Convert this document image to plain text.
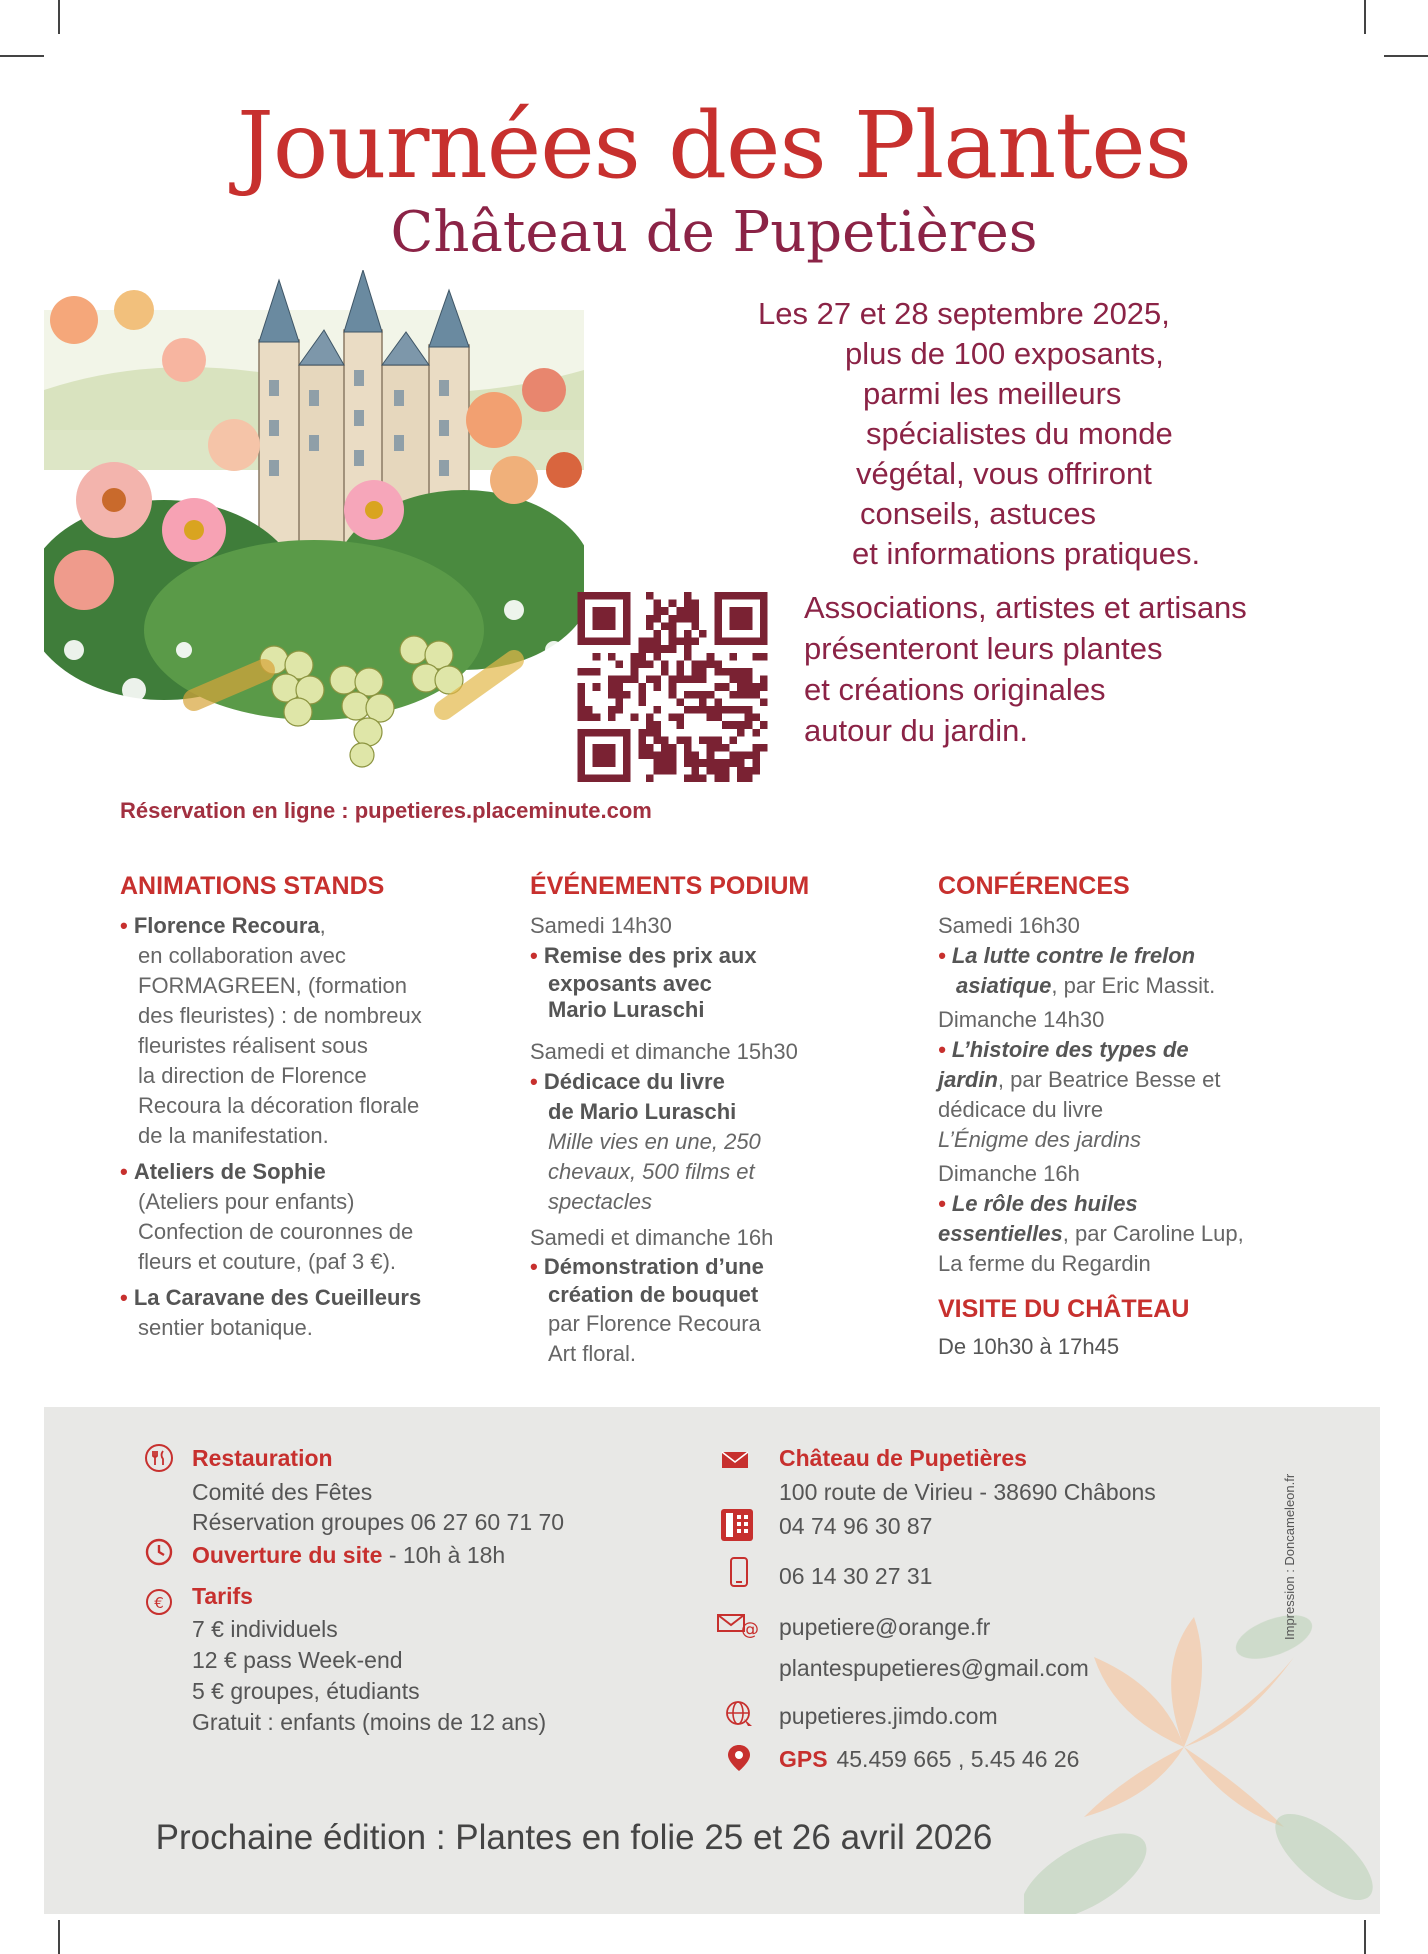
Journées des Plantes
Château de Pupetières
Les 27 et 28 septembre 2025,
plus de 100 exposants,
parmi les meilleurs
spécialistes du monde
végétal, vous offriront
conseils, astuces
et informations pratiques.
Associations, artistes et artisans
présenteront leurs plantes
et créations originales
autour du jardin.
Réservation en ligne : pupetieres.placeminute.com
ANIMATIONS STANDS
• Florence Recoura,
en collaboration avec
FORMAGREEN, (formation
des fleuristes) : de nombreux
fleuristes réalisent sous
la direction de Florence
Recoura la décoration florale
de la manifestation.
• Ateliers de Sophie
(Ateliers pour enfants)
Confection de couronnes de
fleurs et couture, (paf 3 €).
• La Caravane des Cueilleurs
sentier botanique.
ÉVÉNEMENTS PODIUM
Samedi 14h30
• Remise des prix aux
exposants avec
Mario Luraschi
Samedi et dimanche 15h30
• Dédicace du livre
de Mario Luraschi
Mille vies en une, 250
chevaux, 500 films et
spectacles
Samedi et dimanche 16h
• Démonstration d’une
création de bouquet
par Florence Recoura
Art floral.
CONFÉRENCES
Samedi 16h30
• La lutte contre le frelon
asiatique, par Eric Massit.
Dimanche 14h30
• L’histoire des types de
jardin, par Beatrice Besse et
dédicace du livre
L’Énigme des jardins
Dimanche 16h
• Le rôle des huiles
essentielles, par Caroline Lup,
La ferme du Regardin
VISITE DU CHÂTEAU
De 10h30 à 17h45
Restauration
Comité des Fêtes
Réservation groupes 06 27 60 71 70
Ouverture du site - 10h à 18h
€ Tarifs
7 € individuels
12 € pass Week-end
5 € groupes, étudiants
Gratuit : enfants (moins de 12 ans)
Château de Pupetières
100 route de Virieu - 38690 Châbons
04 74 96 30 87
06 14 30 27 31
@ pupetiere@orange.fr
plantespupetieres@gmail.com
pupetieres.jimdo.com
GPS 45.459 665 , 5.45 46 26
Prochaine édition : Plantes en folie 25 et 26 avril 2026
Impression : Doncameleon.fr
